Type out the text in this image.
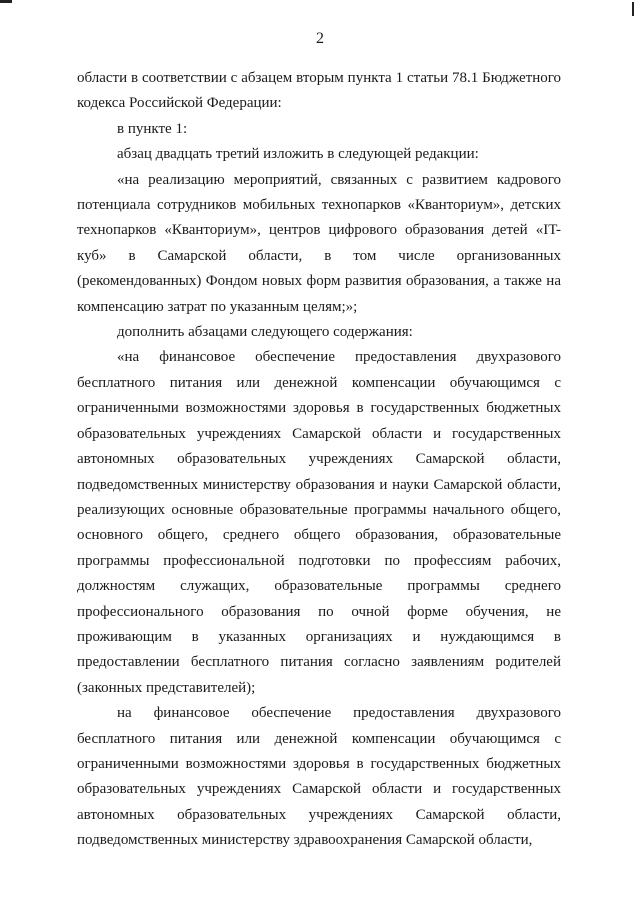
2

области в соответствии с абзацем вторым пункта 1 статьи 78.1 Бюджетного кодекса Российской Федерации:

в пункте 1:

абзац двадцать третий изложить в следующей редакции:

«на реализацию мероприятий, связанных с развитием кадрового потенциала сотрудников мобильных технопарков «Кванториум», детских технопарков «Кванториум», центров цифрового образования детей «IT-куб» в Самарской области, в том числе организованных (рекомендованных) Фондом новых форм развития образования, а также на компенсацию затрат по указанным целям;»;

дополнить абзацами следующего содержания:

«на финансовое обеспечение предоставления двухразового бесплатного питания или денежной компенсации обучающимся с ограниченными возможностями здоровья в государственных бюджетных образовательных учреждениях Самарской области и государственных автономных образовательных учреждениях Самарской области, подведомственных министерству образования и науки Самарской области, реализующих основные образовательные программы начального общего, основного общего, среднего общего образования, образовательные программы профессиональной подготовки по профессиям рабочих, должностям служащих, образовательные программы среднего профессионального образования по очной форме обучения, не проживающим в указанных организациях и нуждающимся в предоставлении бесплатного питания согласно заявлениям родителей (законных представителей);

на финансовое обеспечение предоставления двухразового бесплатного питания или денежной компенсации обучающимся с ограниченными возможностями здоровья в государственных бюджетных образовательных учреждениях Самарской области и государственных автономных образовательных учреждениях Самарской области, подведомственных министерству здравоохранения Самарской области,
